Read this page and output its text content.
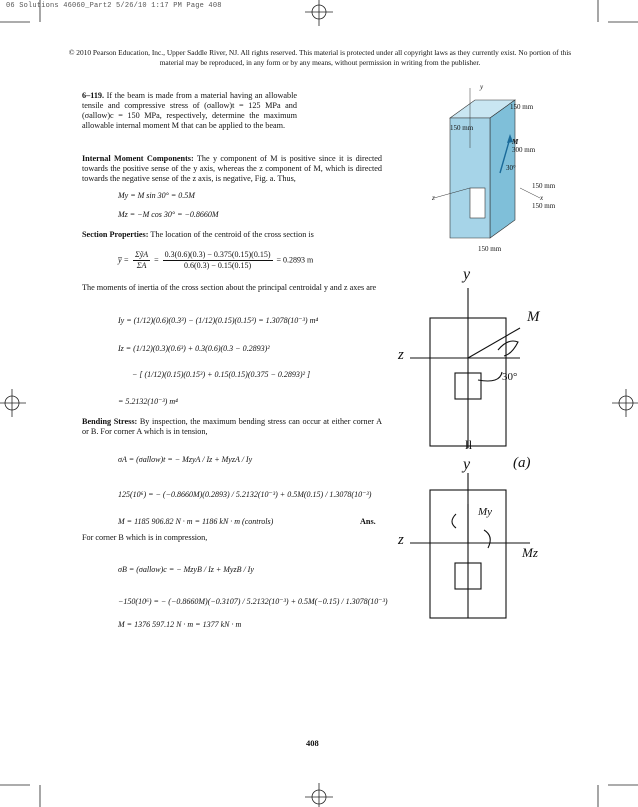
06 Solutions 46060_Part2 5/26/10 1:17 PM Page 408
© 2010 Pearson Education, Inc., Upper Saddle River, NJ. All rights reserved. This material is protected under all copyright laws as they currently exist. No portion of this material may be reproduced, in any form or by any means, without permission in writing from the publisher.
6–119. If the beam is made from a material having an allowable tensile and compressive stress of (σallow)t = 125 MPa and (σallow)c = 150 MPa, respectively, determine the maximum allowable internal moment M that can be applied to the beam.
Internal Moment Components: The y component of M is positive since it is directed towards the positive sense of the y axis, whereas the z component of M, which is directed towards the negative sense of the z axis, is negative, Fig. a. Thus,
My = M sin 30° = 0.5M
Mz = −M cos 30° = −0.8660M
Section Properties: The location of the centroid of the cross section is
y̅ = $\frac{\text{ΣỹA}}{\Sigma A} = \frac{0.3(0.6)(0.3) - 0.375(0.15)(0.15)}{0.6(0.3) - 0.15(0.15)} = 0.2893$ m
The moments of inertia of the cross section about the principal centroidal y and z axes are
Iy = (1/12)(0.6)(0.3³) − (1/12)(0.15)(0.15³) = 1.3078(10⁻³) m⁴
Iz = (1/12)(0.3)(0.6³) + 0.3(0.6)(0.3 − 0.2893)²
− [ (1/12)(0.15)(0.15³) + 0.15(0.15)(0.375 − 0.2893)² ]
= 5.2132(10⁻³) m⁴
Bending Stress: By inspection, the maximum bending stress can occur at either corner A or B. For corner A which is in tension,
σA = (σallow)t = − MzyA / Iz + MyzA / Iy
125(10⁶) = − (−0.8660M)(0.2893) / 5.2132(10⁻³) + 0.5M(0.15) / 1.3078(10⁻³)
M = 1185 906.82 N · m = 1186 kN · m (controls)	Ans.
For corner B which is in compression,
σB = (σallow)c = − MzyB / Iz + MyzB / Iy
−150(10⁶) = − (−0.8660M)(−0.3107) / 5.2132(10⁻³) + 0.5M(−0.15) / 1.3078(10⁻³)
M = 1376 597.12 N · m = 1377 kN · m
y
150 mm
150 mm
M
300 mm
30°
150 mm
z	x
150 mm
150 mm
y
M
z
30°
ll
y	(a)
My
z
Mz
408
